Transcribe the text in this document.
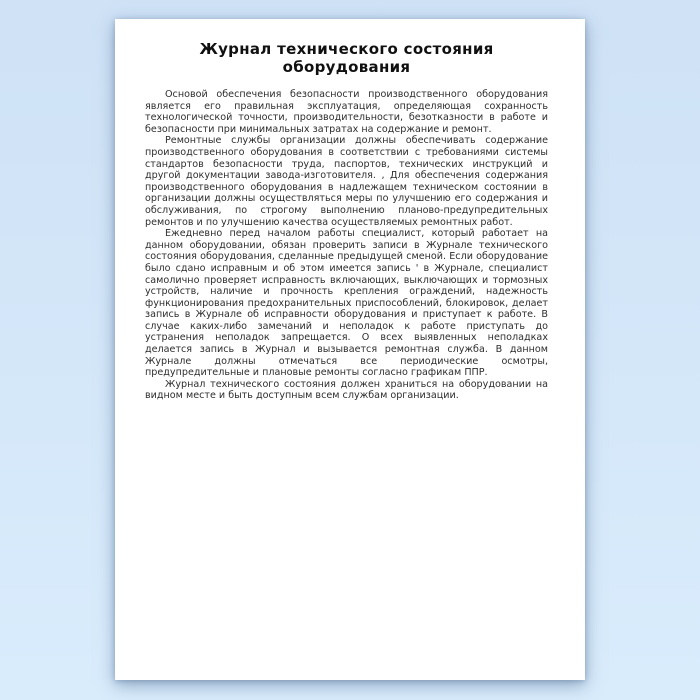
Журнал технического состояния оборудования

Основой обеспечения безопасности производственного оборудования является его правильная эксплуатация, определяющая сохранность технологической точности, производительности, безотказности в работе и безопасности при минимальных затратах на содержание и ремонт.

Ремонтные службы организации должны обеспечивать содержание производственного оборудования в соответствии с требованиями системы стандартов безопасности труда, паспортов, технических инструкций и другой документации завода-изготовителя. , Для обеспечения содержания производственного оборудования в надлежащем техническом состоянии в организации должны осуществляться меры по улучшению его содержания и обслуживания, по строгому выполнению планово-предупредительных ремонтов и по улучшению качества осуществляемых ремонтных работ.

Ежедневно перед началом работы специалист, который работает на данном оборудовании, обязан проверить записи в Журнале технического состояния оборудования, сделанные предыдущей сменой. Если оборудование было сдано исправным и об этом имеется запись ' в Журнале, специалист самолично проверяет исправность включающих, выключающих и тормозных устройств, наличие и прочность крепления ограждений, надежность функционирования предохранительных приспособлений, блокировок, делает запись в Журнале об исправности оборудования и приступает к работе. В случае каких-либо замечаний и неполадок к работе приступать до устранения неполадок запрещается. О всех выявленных неполадках делается запись в Журнал и вызывается ремонтная служба. В данном Журнале должны отмечаться все периодические осмотры, предупредительные и плановые ремонты согласно графикам ППР.

Журнал технического состояния должен храниться на оборудовании на видном месте и быть доступным всем службам организации.
